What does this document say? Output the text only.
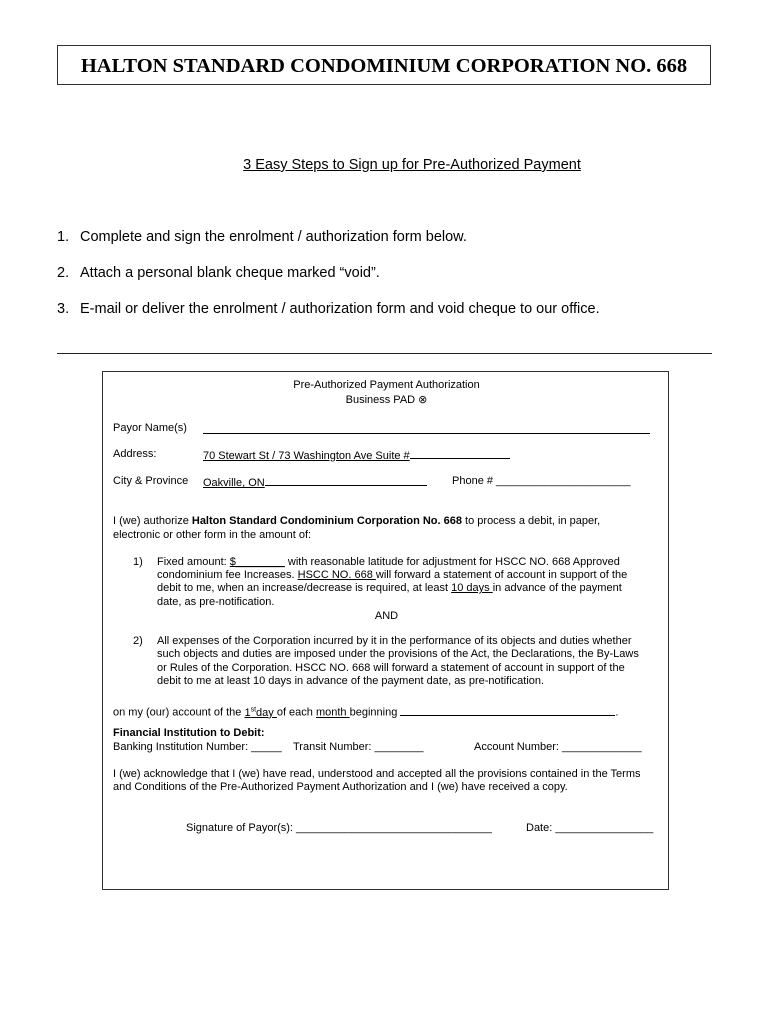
HALTON STANDARD CONDOMINIUM CORPORATION NO. 668
3 Easy Steps to Sign up for Pre-Authorized Payment
1. Complete and sign the enrolment / authorization form below.
2. Attach a personal blank cheque marked “void”.
3. E-mail or deliver the enrolment / authorization form and void cheque to our office.
Pre-Authorized Payment Authorization
Business PAD ⊗
Payor Name(s)
Address:	70 Stewart St / 73 Washington Ave Suite #
City & Province Oakville, ON	Phone # ______________________
I (we) authorize Halton Standard Condominium Corporation No. 668 to process a debit, in paper,
electronic or other form in the amount of:
1) Fixed amount: $________ with reasonable latitude for adjustment for HSCC NO. 668 Approved
condominium fee Increases. HSCC NO. 668 will forward a statement of account in support of the
debit to me, when an increase/decrease is required, at least 10 days in advance of the payment
date, as pre-notification.
AND
2) All expenses of the Corporation incurred by it in the performance of its objects and duties whether
such objects and duties are imposed under the provisions of the Act, the Declarations, the By-Laws
or Rules of the Corporation. HSCC NO. 668 will forward a statement of account in support of the
debit to me at least 10 days in advance of the payment date, as pre-notification.
on my (our) account of the 1stday of each month beginning	.
Financial Institution to Debit:
Banking Institution Number: _____ Transit Number: ________	Account Number: _____________
I (we) acknowledge that I (we) have read, understood and accepted all the provisions contained in the Terms
and Conditions of the Pre-Authorized Payment Authorization and I (we) have received a copy.
Signature of Payor(s): ________________________________	Date: ________________
